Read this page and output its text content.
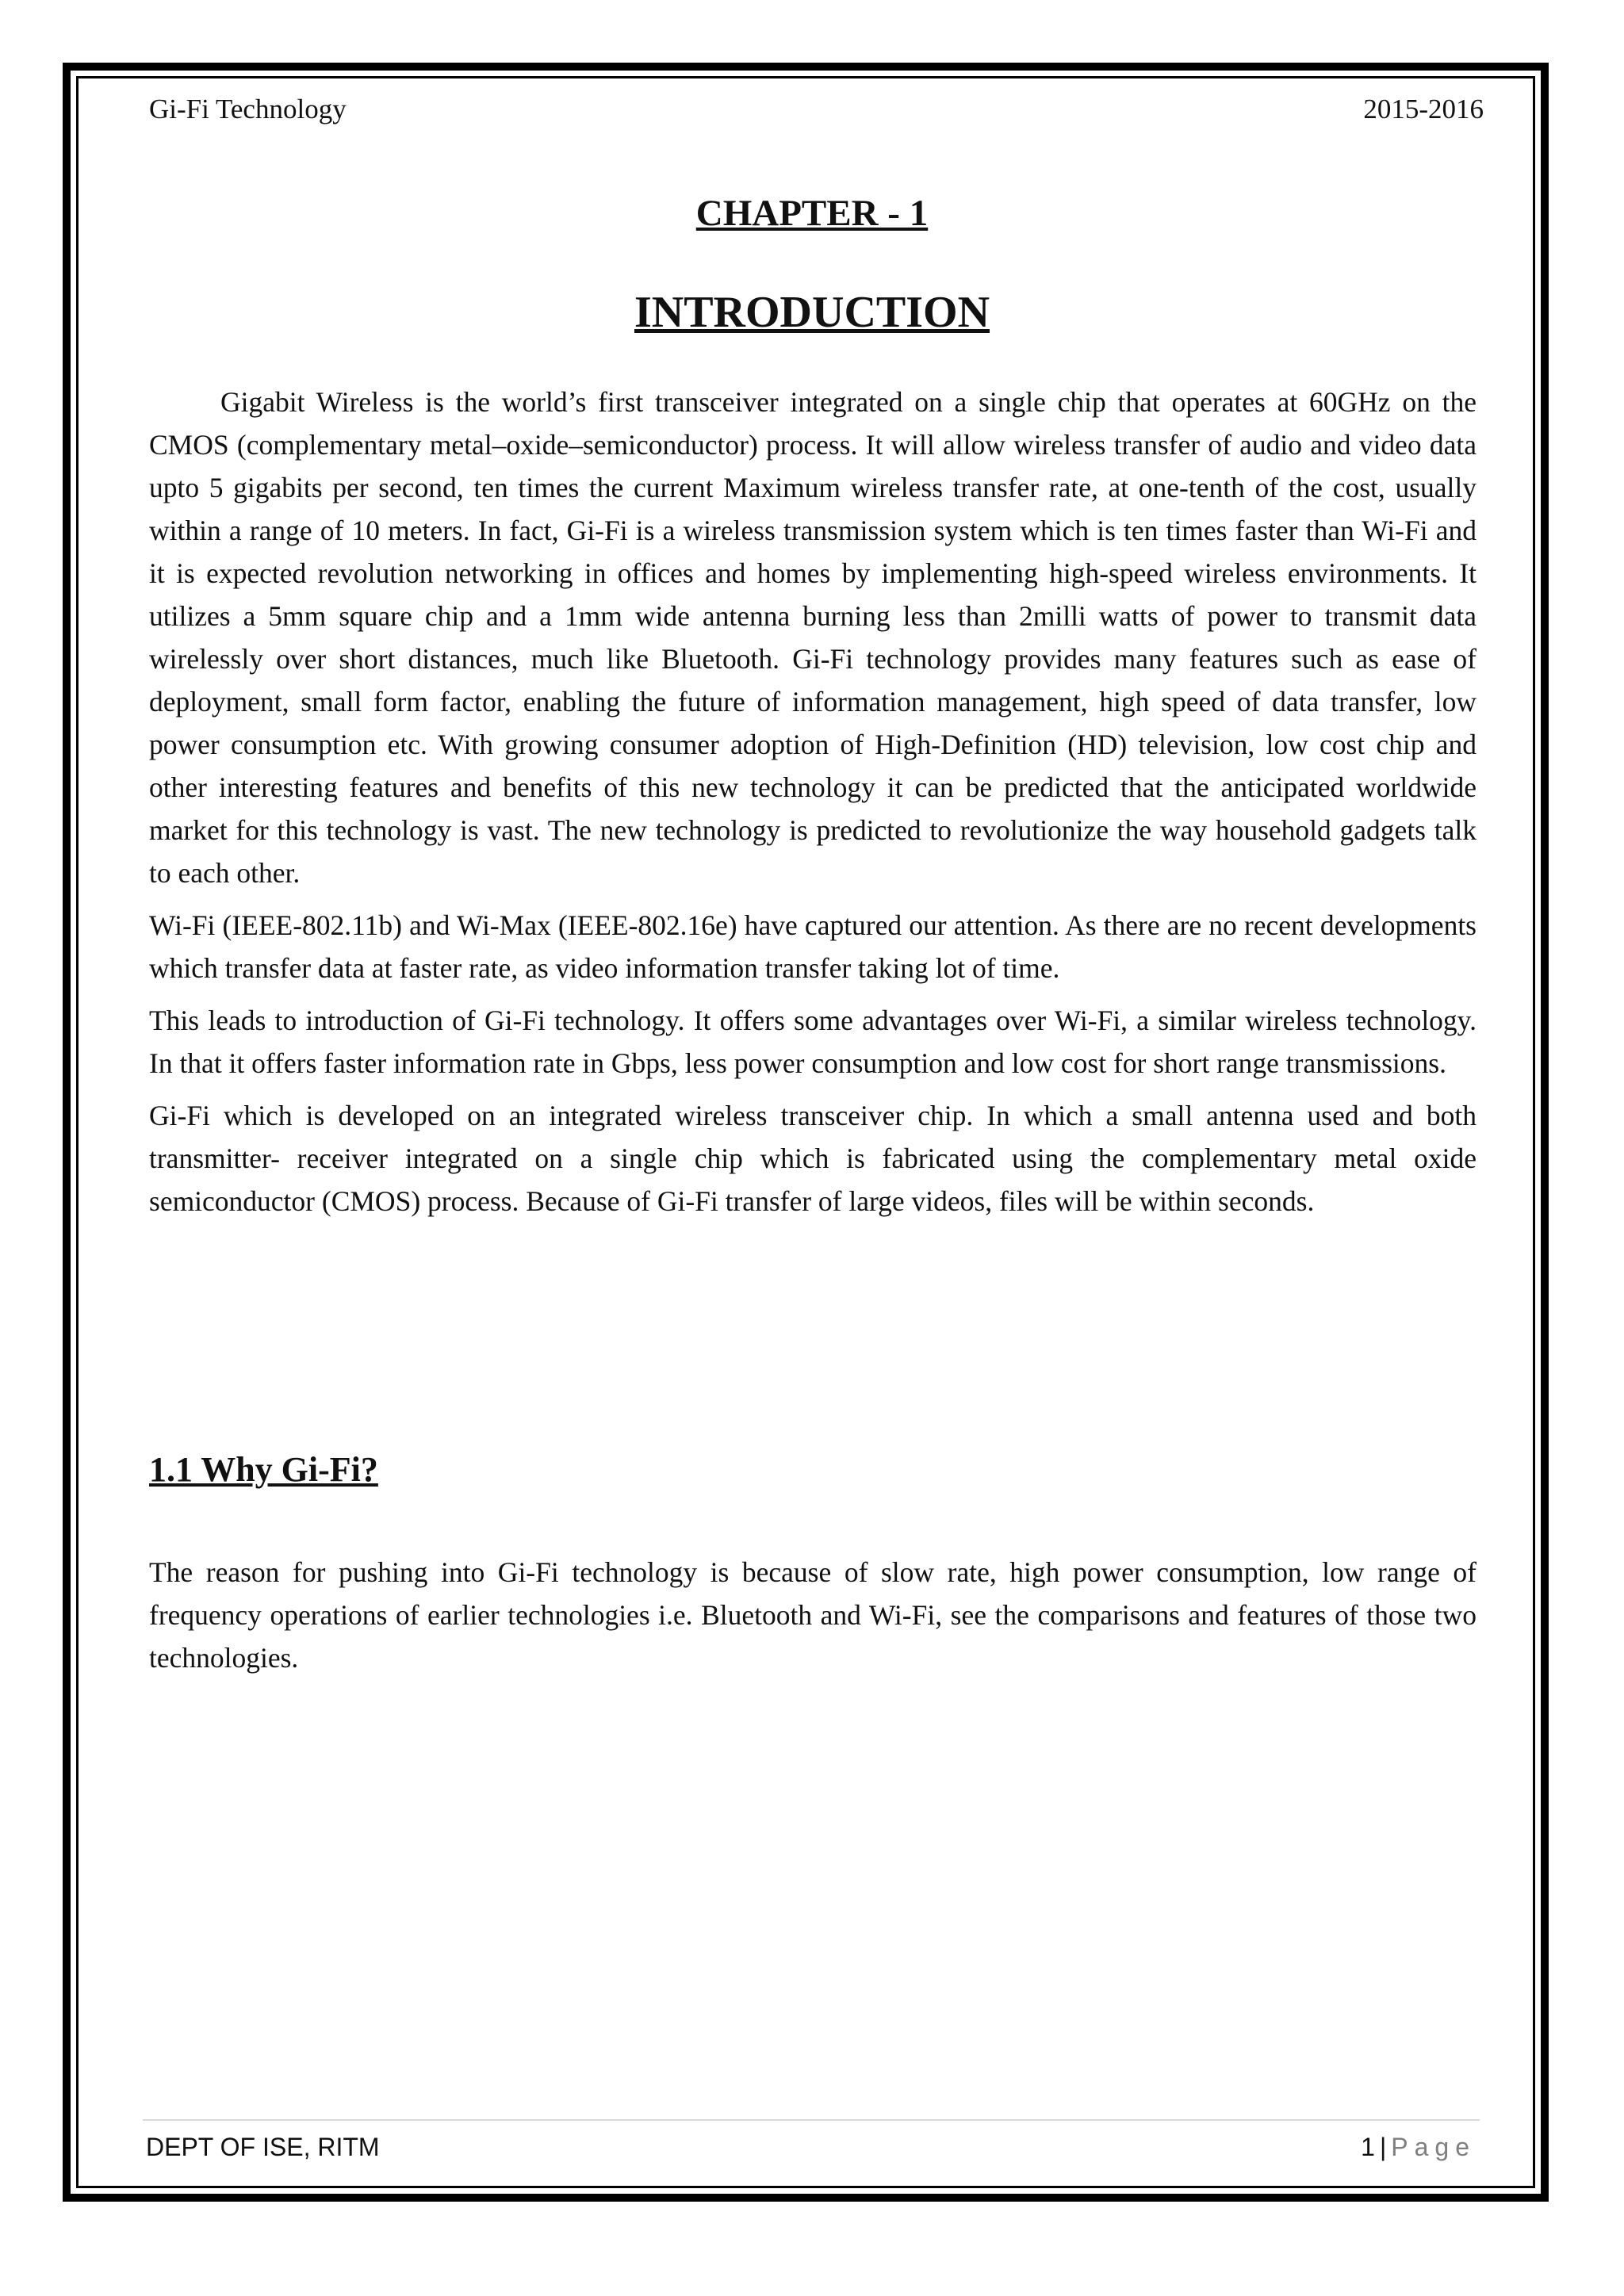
Gi-Fi Technology	2015-2016
CHAPTER - 1
INTRODUCTION

Gigabit Wireless is the world’s first transceiver integrated on a single chip that operates at 60GHz on the CMOS (complementary metal–oxide–semiconductor) process. It will allow wireless transfer of audio and video data upto 5 gigabits per second, ten times the current Maximum wireless transfer rate, at one-tenth of the cost, usually within a range of 10 meters. In fact, Gi-Fi is a wireless transmission system which is ten times faster than Wi-Fi and it is expected revolution networking in offices and homes by implementing high-speed wireless environments. It utilizes a 5mm square chip and a 1mm wide antenna burning less than 2milli watts of power to transmit data wirelessly over short distances, much like Bluetooth. Gi-Fi technology provides many features such as ease of deployment, small form factor, enabling the future of information management, high speed of data transfer, low power consumption etc. With growing consumer adoption of High-Definition (HD) television, low cost chip and other interesting features and benefits of this new technology it can be predicted that the anticipated worldwide market for this technology is vast. The new technology is predicted to revolutionize the way household gadgets talk to each other.

Wi-Fi (IEEE-802.11b) and Wi-Max (IEEE-802.16e) have captured our attention. As there are no recent developments which transfer data at faster rate, as video information transfer taking lot of time.

This leads to introduction of Gi-Fi technology. It offers some advantages over Wi-Fi, a similar wireless technology. In that it offers faster information rate in Gbps, less power consumption and low cost for short range transmissions.

Gi-Fi which is developed on an integrated wireless transceiver chip. In which a small antenna used and both transmitter- receiver integrated on a single chip which is fabricated using the complementary metal oxide semiconductor (CMOS) process. Because of Gi-Fi transfer of large videos, files will be within seconds.

1.1 Why Gi-Fi?

The reason for pushing into Gi-Fi technology is because of slow rate, high power consumption, low range of frequency operations of earlier technologies i.e. Bluetooth and Wi-Fi, see the comparisons and features of those two technologies.

DEPT OF ISE, RITM	1 | Page
